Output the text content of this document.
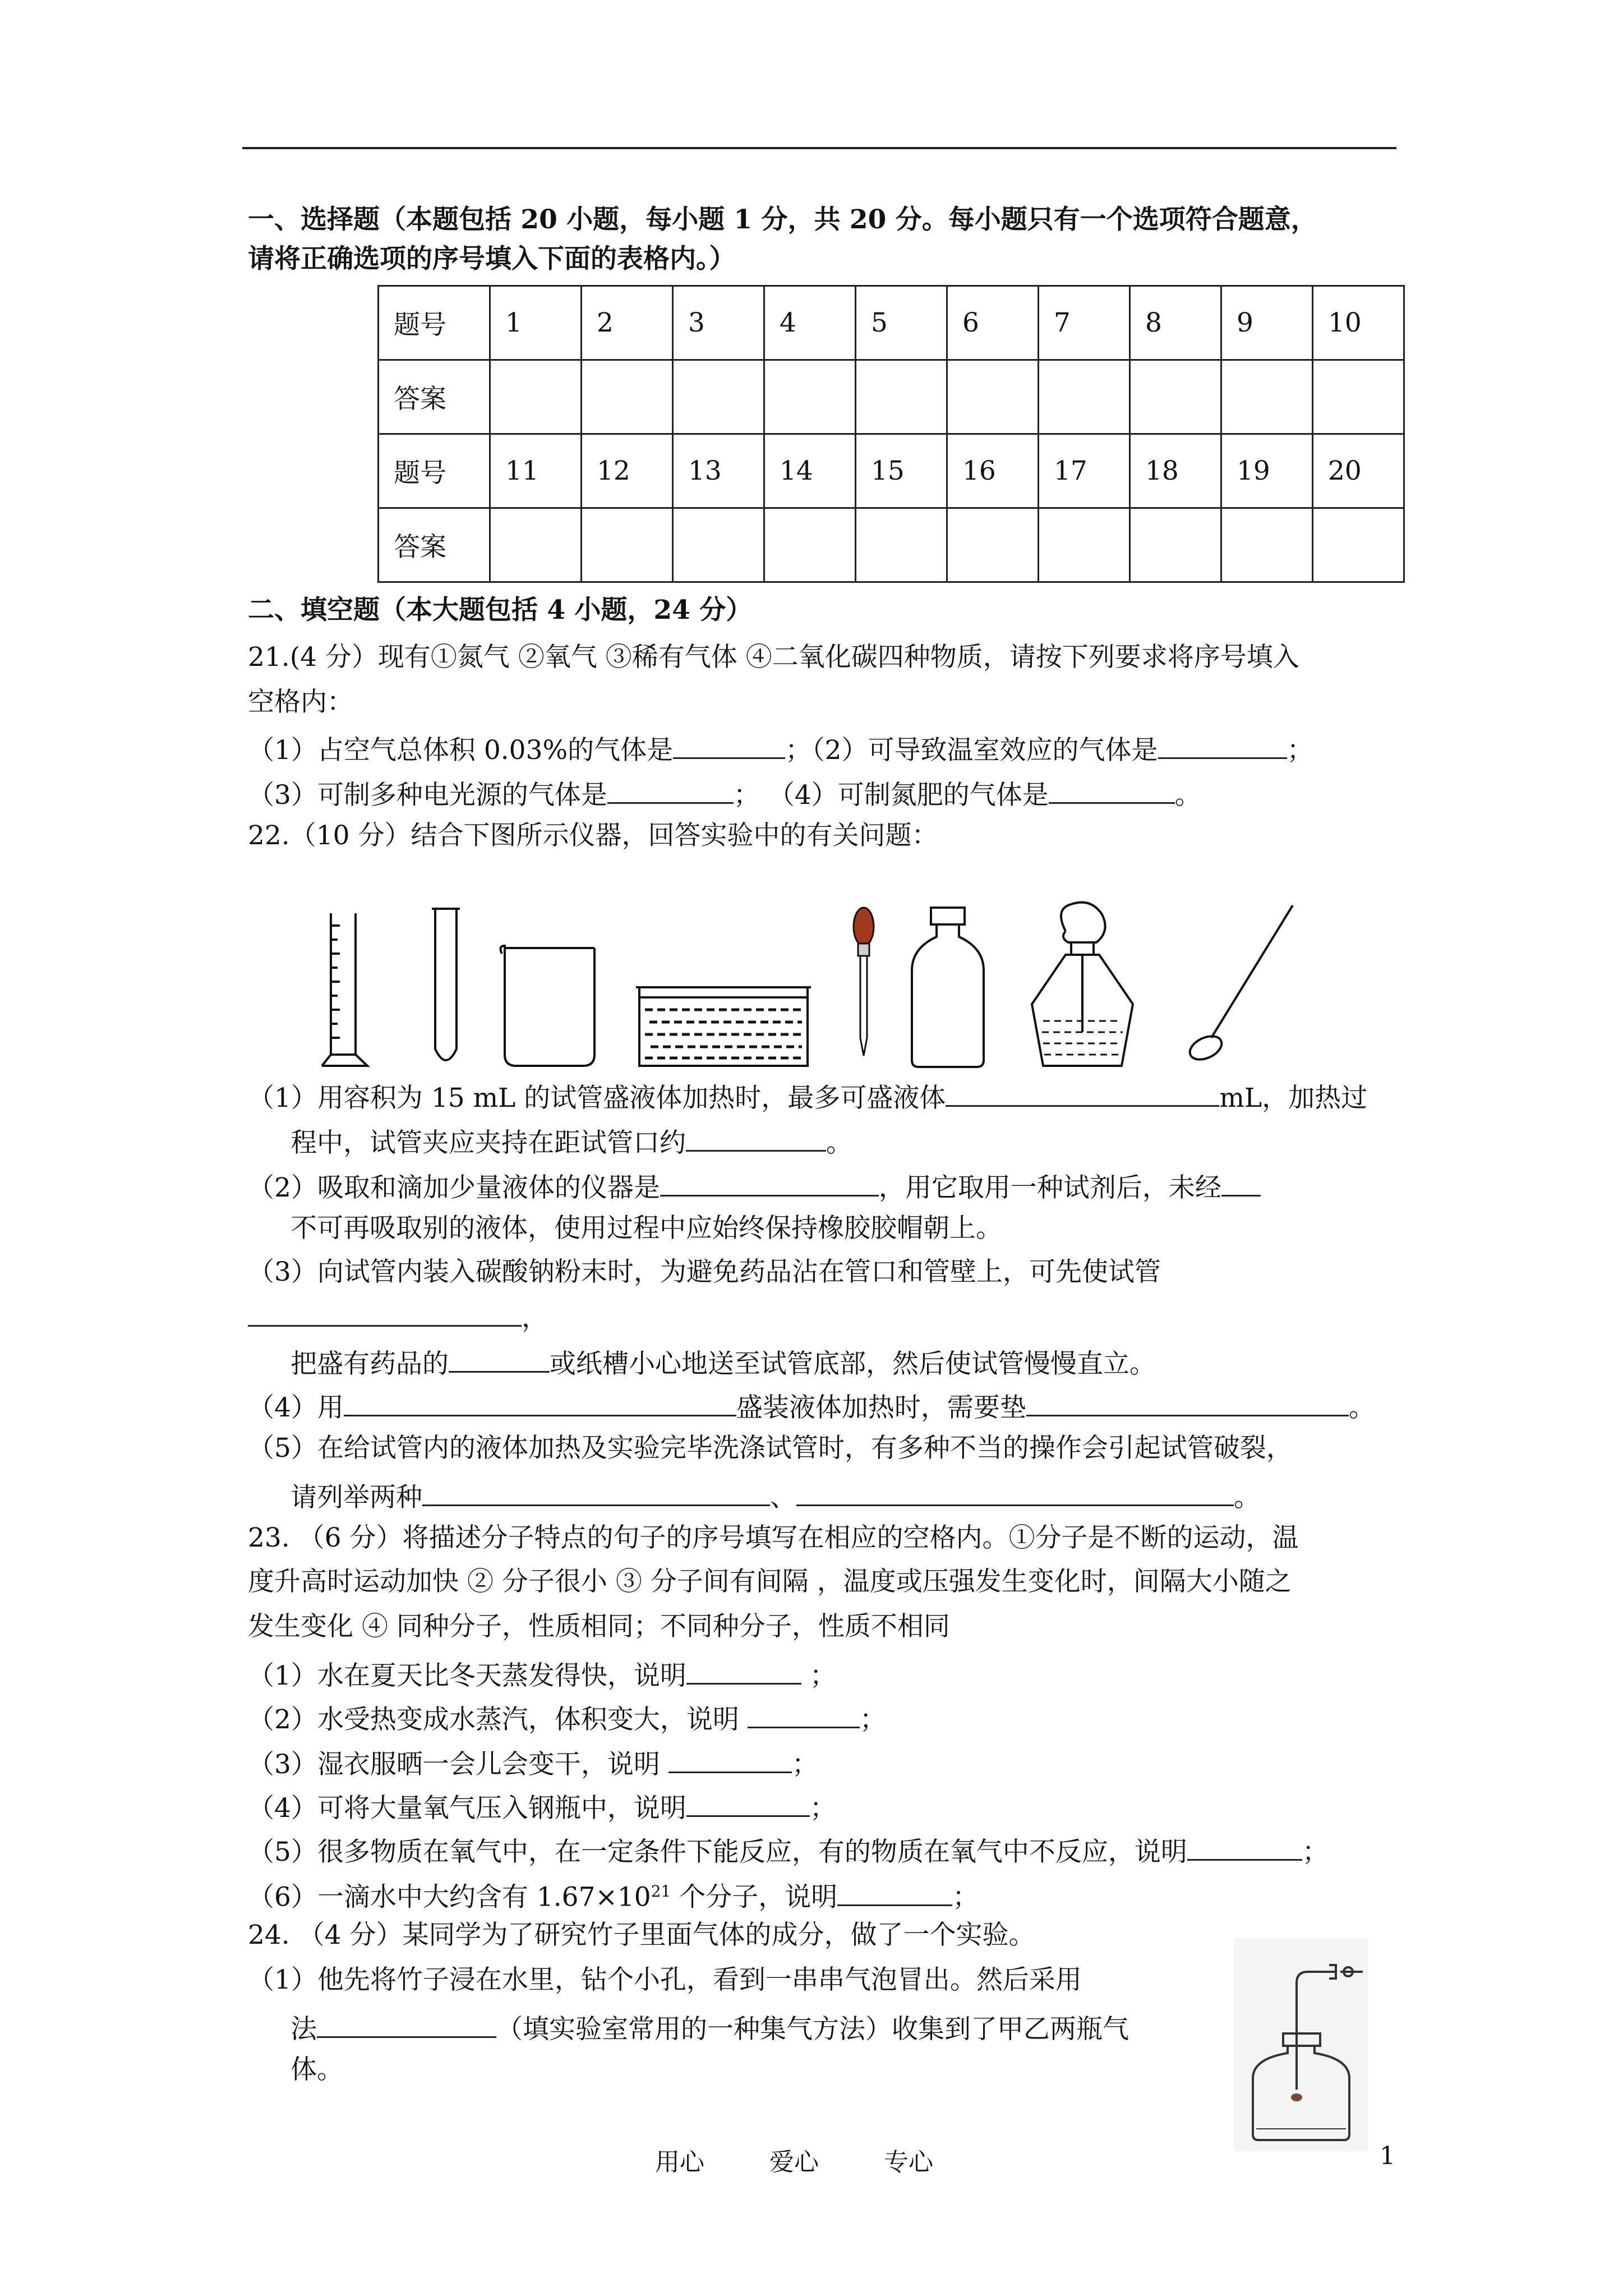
一、选择题（本题包括 20 小题，每小题 1 分，共 20 分。每小题只有一个选项符合题意，
请将正确选项的序号填入下面的表格内。）
题号	1	2	3	4	5	6	7	8	9	10
答案										
题号	11	12	13	14	15	16	17	18	19	20
答案										
二、填空题（本大题包括 4 小题，24 分）
21.(4 分）现有①氮气 ②氧气 ③稀有气体 ④二氧化碳四种物质，请按下列要求将序号填入
空格内：
（1）占空气总体积 0.03%的气体是	；（2）可导致温室效应的气体是	；
（3）可制多种电光源的气体是	； （4）可制氮肥的气体是	。
22.（10 分）结合下图所示仪器，回答实验中的有关问题：
（1）用容积为 15 mL 的试管盛液体加热时，最多可盛液体	mL，加热过
程中，试管夹应夹持在距试管口约	。
（2）吸取和滴加少量液体的仪器是	，用它取用一种试剂后，未经
不可再吸取别的液体，使用过程中应始终保持橡胶胶帽朝上。
（3）向试管内装入碳酸钠粉末时，为避免药品沾在管口和管壁上，可先使试管
，
把盛有药品的	或纸槽小心地送至试管底部，然后使试管慢慢直立。
（4）用	盛装液体加热时，需要垫	。
（5）在给试管内的液体加热及实验完毕洗涤试管时，有多种不当的操作会引起试管破裂，
请列举两种	、	。
23. （6 分）将描述分子特点的句子的序号填写在相应的空格内。①分子是不断的运动，温
度升高时运动加快 ② 分子很小 ③ 分子间有间隔 ，温度或压强发生变化时，间隔大小随之
发生变化 ④ 同种分子，性质相同；不同种分子，性质不相同
（1）水在夏天比冬天蒸发得快，说明	；
（2）水受热变成水蒸汽，体积变大，说明	；
（3）湿衣服晒一会儿会变干，说明	；
（4）可将大量氧气压入钢瓶中，说明	；
（5）很多物质在氧气中，在一定条件下能反应，有的物质在氧气中不反应，说明	；
（6）一滴水中大约含有 $1.67\times 10^{21}$ 个分子，说明	；
24. （4 分）某同学为了研究竹子里面气体的成分，做了一个实验。
（1）他先将竹子浸在水里，钻个小孔，看到一串串气泡冒出。然后采用
法	（填实验室常用的一种集气方法）收集到了甲乙两瓶气
体。
用心	爱心	专心	1
